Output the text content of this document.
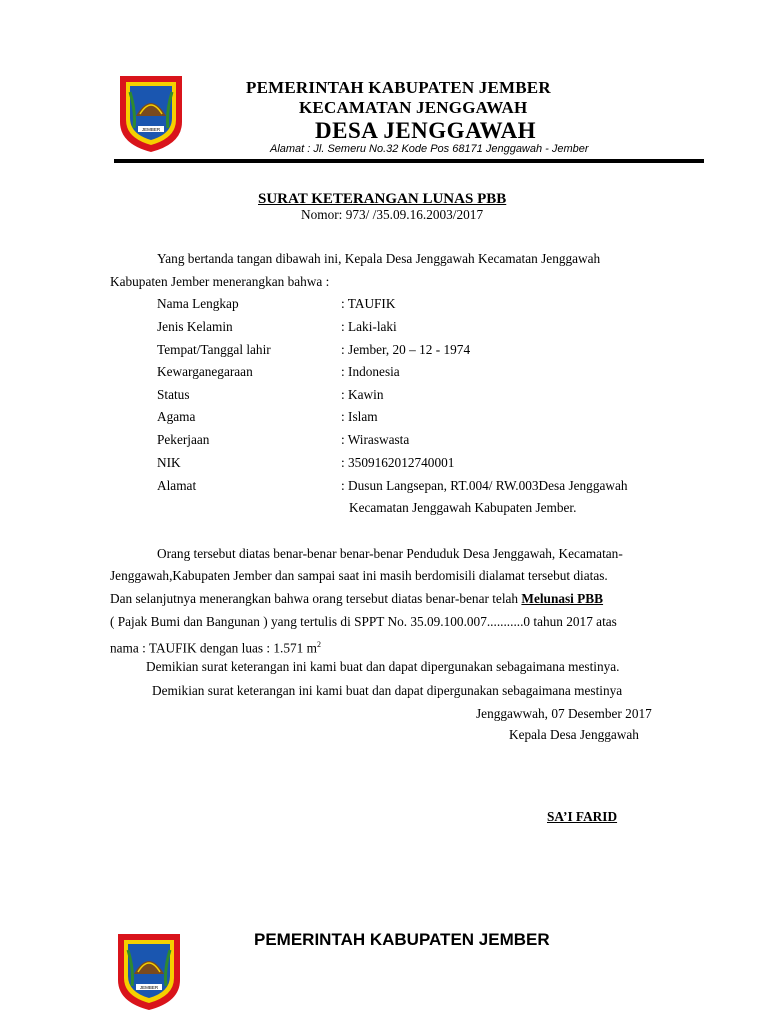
JEMBER
PEMERINTAH KABUPATEN JEMBER
KECAMATAN JENGGAWAH
DESA JENGGAWAH
Alamat : Jl. Semeru No.32 Kode Pos 68171 Jenggawah - Jember
SURAT KETERANGAN LUNAS PBB
Nomor: 973/ /35.09.16.2003/2017
Yang bertanda tangan dibawah ini, Kepala Desa Jenggawah Kecamatan Jenggawah
Kabupaten Jember menerangkan bahwa :
Nama Lengkap	: TAUFIK
Jenis Kelamin	: Laki-laki
Tempat/Tanggal lahir	: Jember, 20 – 12 - 1974
Kewarganegaraan	: Indonesia
Status	: Kawin
Agama	: Islam
Pekerjaan	: Wiraswasta
NIK	: 3509162012740001
Alamat	: Dusun Langsepan, RT.004/ RW.003Desa Jenggawah
Kecamatan Jenggawah Kabupaten Jember.
Orang tersebut diatas benar-benar benar-benar Penduduk Desa Jenggawah, Kecamatan-
Jenggawah,Kabupaten Jember dan sampai saat ini masih berdomisili dialamat tersebut diatas.
Dan selanjutnya menerangkan bahwa orang tersebut diatas benar-benar telah Melunasi PBB
( Pajak Bumi dan Bangunan ) yang tertulis di SPPT No. 35.09.100.007...........0 tahun 2017 atas
nama : TAUFIK dengan luas : 1.571 $m^2$
Demikian surat keterangan ini kami buat dan dapat dipergunakan sebagaimana mestinya.
Demikian surat keterangan ini kami buat dan dapat dipergunakan sebagaimana mestinya
Jenggawwah, 07 Desember 2017
Kepala Desa Jenggawah
SA’I FARID
JEMBER
PEMERINTAH KABUPATEN JEMBER
